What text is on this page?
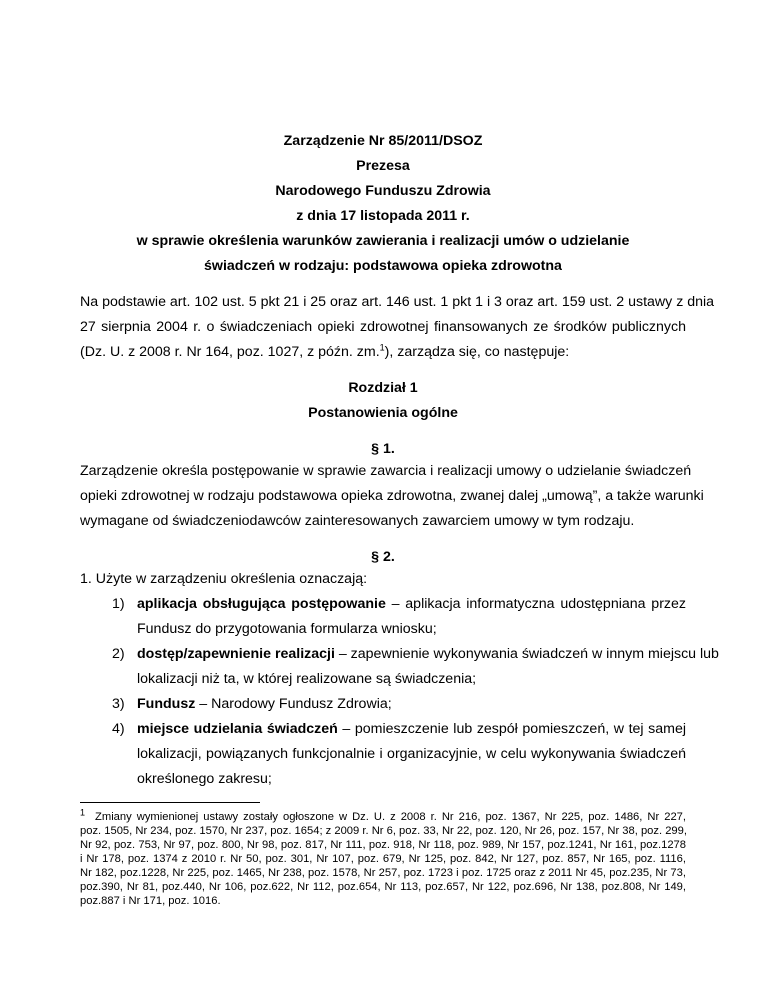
Zarządzenie Nr 85/2011/DSOZ
Prezesa
Narodowego Funduszu Zdrowia
z dnia 17 listopada 2011 r.
w sprawie określenia warunków zawierania i realizacji umów o udzielanie
świadczeń w rodzaju: podstawowa opieka zdrowotna
Na podstawie art. 102 ust. 5 pkt 21 i 25 oraz art. 146 ust. 1 pkt 1 i 3 oraz art. 159 ust. 2 ustawy z dnia
27 sierpnia 2004 r. o świadczeniach opieki zdrowotnej finansowanych ze środków publicznych
(Dz. U. z 2008 r. Nr 164, poz. 1027, z późn. zm.$^1$), zarządza się, co następuje:
Rozdział 1
Postanowienia ogólne
§ 1.
Zarządzenie określa postępowanie w sprawie zawarcia i realizacji umowy o udzielanie świadczeń
opieki zdrowotnej w rodzaju podstawowa opieka zdrowotna, zwanej dalej „umową”, a także warunki
wymagane od świadczeniodawców zainteresowanych zawarciem umowy w tym rodzaju.
§ 2.
1. Użyte w zarządzeniu określenia oznaczają:
1) aplikacja obsługująca postępowanie – aplikacja informatyczna udostępniana przez
Fundusz do przygotowania formularza wniosku;
2) dostęp/zapewnienie realizacji – zapewnienie wykonywania świadczeń w innym miejscu lub
lokalizacji niż ta, w której realizowane są świadczenia;
3) Fundusz – Narodowy Fundusz Zdrowia;
4) miejsce udzielania świadczeń – pomieszczenie lub zespół pomieszczeń, w tej samej
lokalizacji, powiązanych funkcjonalnie i organizacyjnie, w celu wykonywania świadczeń
określonego zakresu;
$^1$ Zmiany wymienionej ustawy zostały ogłoszone w Dz. U. z 2008 r. Nr 216, poz. 1367, Nr 225, poz. 1486, Nr 227,
poz. 1505, Nr 234, poz. 1570, Nr 237, poz. 1654; z 2009 r. Nr 6, poz. 33, Nr 22, poz. 120, Nr 26, poz. 157, Nr 38, poz. 299,
Nr 92, poz. 753, Nr 97, poz. 800, Nr 98, poz. 817, Nr 111, poz. 918, Nr 118, poz. 989, Nr 157, poz.1241, Nr 161, poz.1278
i Nr 178, poz. 1374 z 2010 r. Nr 50, poz. 301, Nr 107, poz. 679, Nr 125, poz. 842, Nr 127, poz. 857, Nr 165, poz. 1116,
Nr 182, poz.1228, Nr 225, poz. 1465, Nr 238, poz. 1578, Nr 257, poz. 1723 i poz. 1725 oraz z 2011 Nr 45, poz.235, Nr 73,
poz.390, Nr 81, poz.440, Nr 106, poz.622, Nr 112, poz.654, Nr 113, poz.657, Nr 122, poz.696, Nr 138, poz.808, Nr 149,
poz.887 i Nr 171, poz. 1016.
